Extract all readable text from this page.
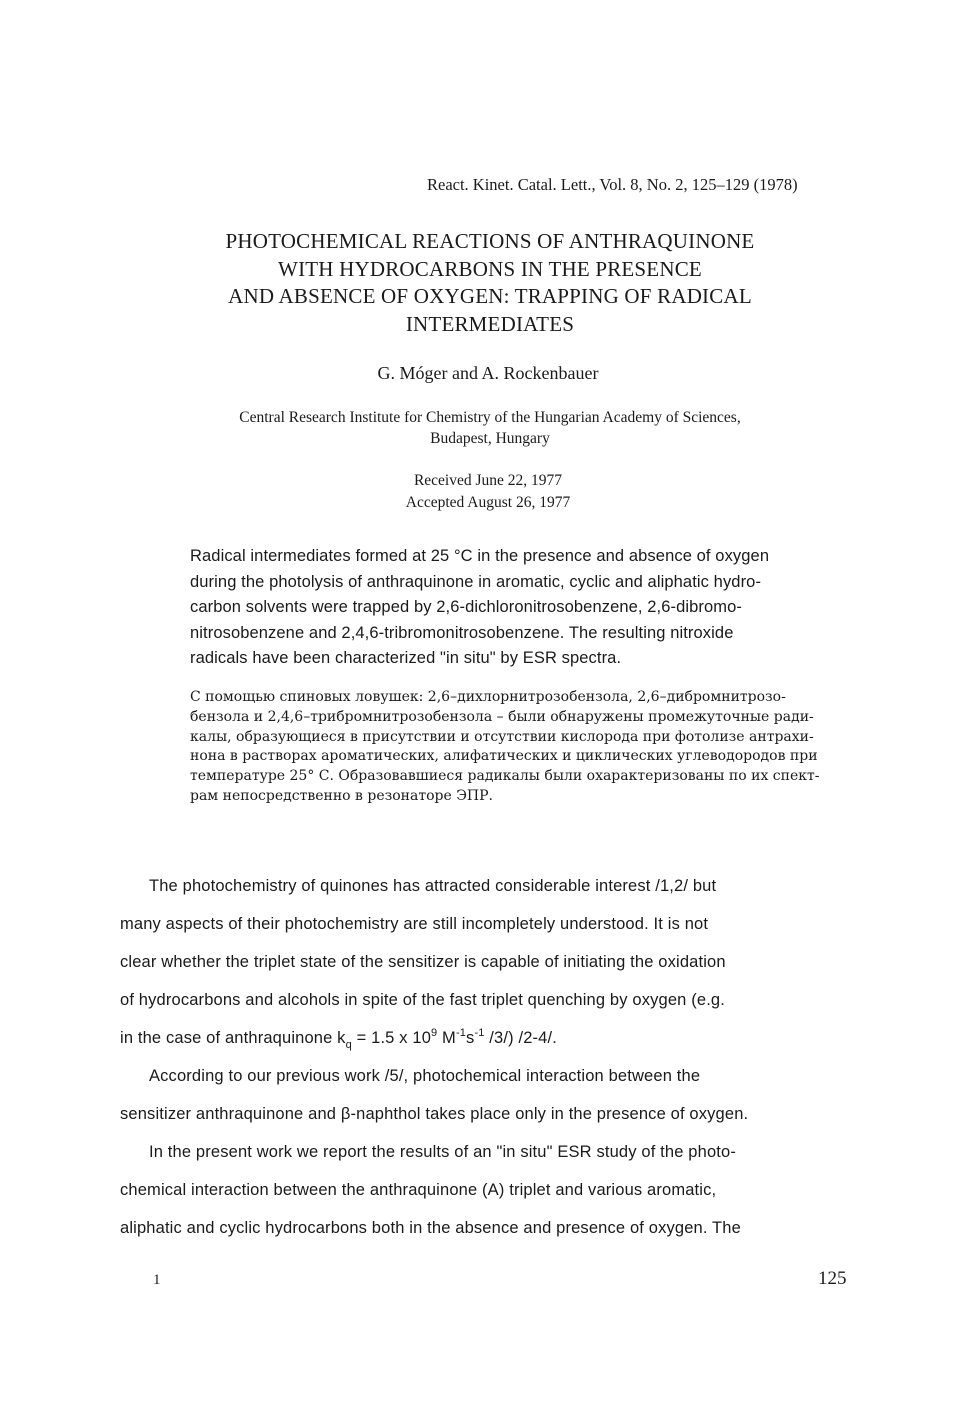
React. Kinet. Catal. Lett., Vol. 8, No. 2, 125–129 (1978)
PHOTOCHEMICAL REACTIONS OF ANTHRAQUINONE
WITH HYDROCARBONS IN THE PRESENCE
AND ABSENCE OF OXYGEN: TRAPPING OF RADICAL
INTERMEDIATES
G. Móger and A. Rockenbauer
Central Research Institute for Chemistry of the Hungarian Academy of Sciences,
Budapest, Hungary
Received June 22, 1977
Accepted August 26, 1977
Radical intermediates formed at 25 °C in the presence and absence of oxygen
during the photolysis of anthraquinone in aromatic, cyclic and aliphatic hydro-
carbon solvents were trapped by 2,6-dichloronitrosobenzene, 2,6-dibromo-
nitrosobenzene and 2,4,6-tribromonitrosobenzene. The resulting nitroxide
radicals have been characterized "in situ" by ESR spectra.
С помощью спиновых ловушек: 2,6–дихлорнитрозобензола, 2,6–дибромнитрозо-
бензола и 2,4,6–трибромнитрозобензола – были обнаружены промежуточные ради-
калы, образующиеся в присутствии и отсутствии кислорода при фотолизе антрахи-
нона в растворах ароматических, алифатических и циклических углеводородов при
температуре 25° С. Образовавшиеся радикалы были охарактеризованы по их спект-
рам непосредственно в резонаторе ЭПР.
The photochemistry of quinones has attracted considerable interest /1,2/ but
many aspects of their photochemistry are still incompletely understood. It is not
clear whether the triplet state of the sensitizer is capable of initiating the oxidation
of hydrocarbons and alcohols in spite of the fast triplet quenching by oxygen (e.g.
in the case of anthraquinone $k_q = 1.5$ x $10^9$ $M^{-1}s^{-1}$ /3/) /2-4/.
According to our previous work /5/, photochemical interaction between the
sensitizer anthraquinone and β-naphthol takes place only in the presence of oxygen.
In the present work we report the results of an "in situ" ESR study of the photo-
chemical interaction between the anthraquinone (A) triplet and various aromatic,
aliphatic and cyclic hydrocarbons both in the absence and presence of oxygen. The
1	125
